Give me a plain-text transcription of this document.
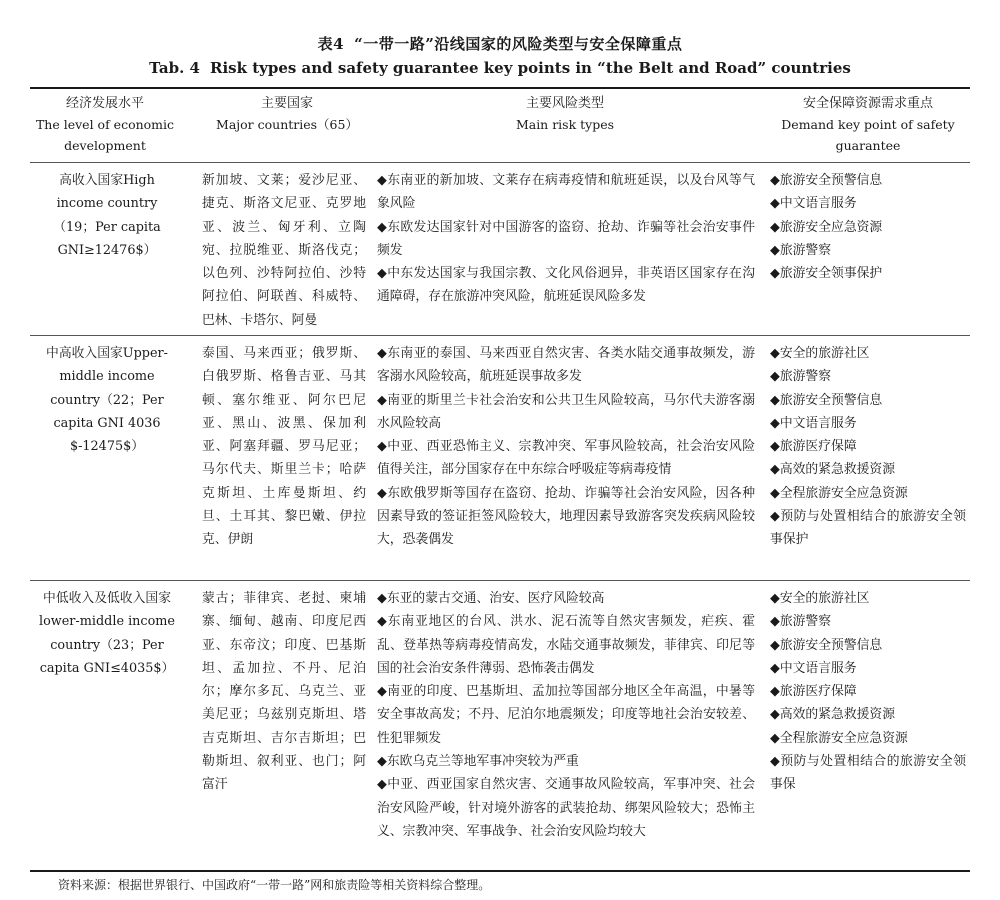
表4 “一带一路”沿线国家的风险类型与安全保障重点
Tab. 4 Risk types and safety guarantee key points in “the Belt and Road” countries
经济发展水平
The level of economic development
主要国家
Major countries（65）
主要风险类型
Main risk types
安全保障资源需求重点
Demand key point of safety guarantee
高收入国家High income country（19；Per capita GNI≥12476$）
新加坡、文莱；爱沙尼亚、捷克、斯洛文尼亚、克罗地亚、波兰、匈牙利、立陶宛、拉脱维亚、斯洛伐克；以色列、沙特阿拉伯、沙特阿拉伯、阿联酋、科威特、巴林、卡塔尔、阿曼
◆东南亚的新加坡、文莱存在病毒疫情和航班延误，以及台风等气象风险
◆东欧发达国家针对中国游客的盗窃、抢劫、诈骗等社会治安事件频发
◆中东发达国家与我国宗教、文化风俗迥异，非英语区国家存在沟通障碍，存在旅游冲突风险，航班延误风险多发
◆旅游安全预警信息
◆中文语言服务
◆旅游安全应急资源
◆旅游警察
◆旅游安全领事保护
中高收入国家Upper-middle income country（22；Per capita GNI 4036 $-12475$）
泰国、马来西亚；俄罗斯、白俄罗斯、格鲁吉亚、马其顿、塞尔维亚、阿尔巴尼亚、黑山、波黑、保加利亚、阿塞拜疆、罗马尼亚；马尔代夫、斯里兰卡；哈萨克斯坦、土库曼斯坦、约旦、土耳其、黎巴嫩、伊拉克、伊朗
◆东南亚的泰国、马来西亚自然灾害、各类水陆交通事故频发，游客溺水风险较高，航班延误事故多发
◆南亚的斯里兰卡社会治安和公共卫生风险较高，马尔代夫游客溺水风险较高
◆中亚、西亚恐怖主义、宗教冲突、军事风险较高，社会治安风险值得关注，部分国家存在中东综合呼吸症等病毒疫情
◆东欧俄罗斯等国存在盗窃、抢劫、诈骗等社会治安风险，因各种因素导致的签证拒签风险较大，地理因素导致游客突发疾病风险较大，恐袭偶发
◆安全的旅游社区
◆旅游警察
◆旅游安全预警信息
◆中文语言服务
◆旅游医疗保障
◆高效的紧急救援资源
◆全程旅游安全应急资源
◆预防与处置相结合的旅游安全领事保护
中低收入及低收入国家lower-middle income country（23；Per capita GNI≤4035$）
蒙古；菲律宾、老挝、柬埔寨、缅甸、越南、印度尼西亚、东帝汶；印度、巴基斯坦、孟加拉、不丹、尼泊尔；摩尔多瓦、乌克兰、亚美尼亚；乌兹别克斯坦、塔吉克斯坦、吉尔吉斯坦；巴勒斯坦、叙利亚、也门；阿富汗
◆东亚的蒙古交通、治安、医疗风险较高
◆东南亚地区的台风、洪水、泥石流等自然灾害频发，疟疾、霍乱、登革热等病毒疫情高发，水陆交通事故频发，菲律宾、印尼等国的社会治安条件薄弱、恐怖袭击偶发
◆南亚的印度、巴基斯坦、孟加拉等国部分地区全年高温，中暑等安全事故高发；不丹、尼泊尔地震频发；印度等地社会治安较差、性犯罪频发
◆东欧乌克兰等地军事冲突较为严重
◆中亚、西亚国家自然灾害、交通事故风险较高，军事冲突、社会治安风险严峻，针对境外游客的武装抢劫、绑架风险较大；恐怖主义、宗教冲突、军事战争、社会治安风险均较大
◆安全的旅游社区
◆旅游警察
◆旅游安全预警信息
◆中文语言服务
◆旅游医疗保障
◆高效的紧急救援资源
◆全程旅游安全应急资源
◆预防与处置相结合的旅游安全领事保
资料来源：根据世界银行、中国政府“一带一路”网和旅责险等相关资料综合整理。
